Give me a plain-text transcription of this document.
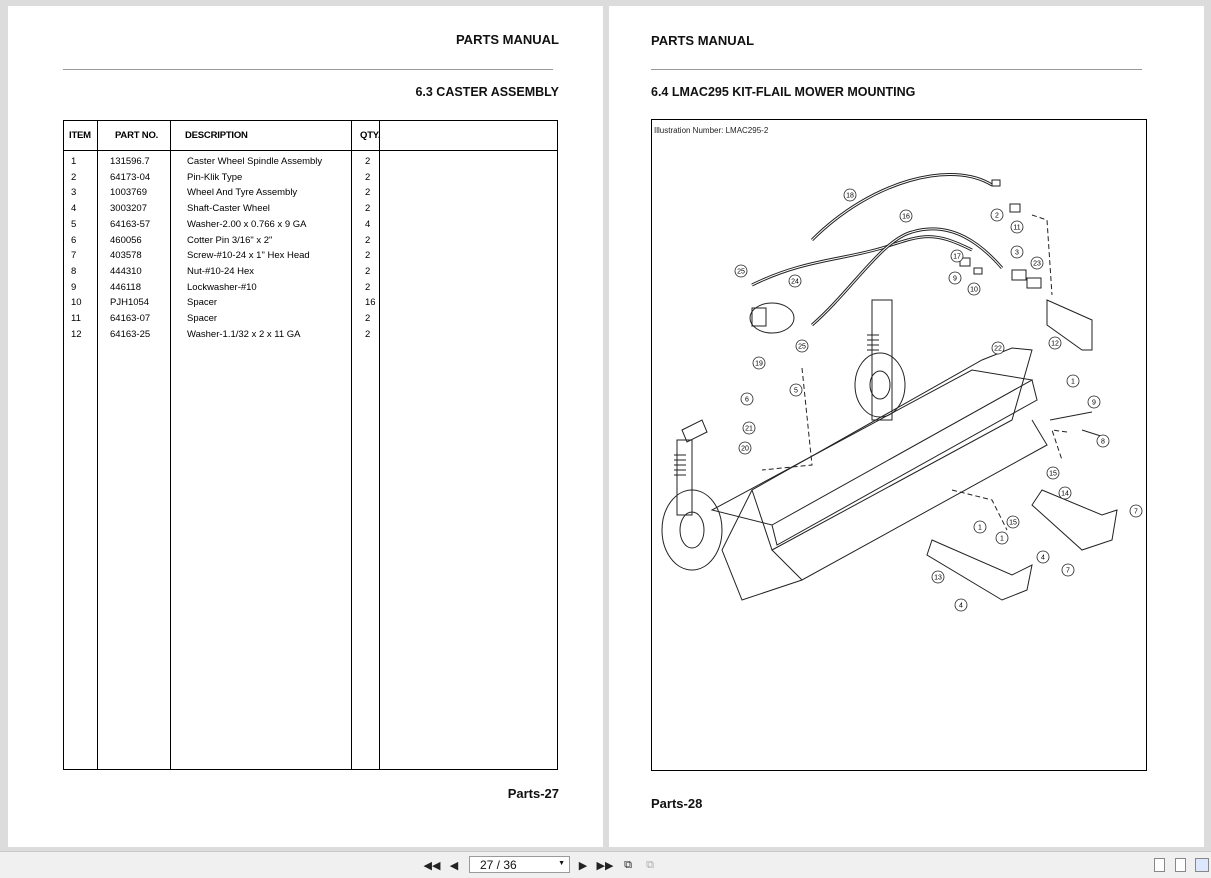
PARTS MANUAL
6.3 CASTER ASSEMBLY
ITEM	PART NO.	DESCRIPTION	QTY.
1	131596.7	Caster Wheel Spindle Assembly	2
2	64173-04	Pin-Klik Type	2
3	1003769	Wheel And Tyre Assembly	2
4	3003207	Shaft-Caster Wheel	2
5	64163-57	Washer-2.00 x 0.766 x 9 GA	4
6	460056	Cotter Pin 3/16" x 2"	2
7	403578	Screw-#10-24 x 1" Hex Head	2
8	444310	Nut-#10-24 Hex	2
9	446118	Lockwasher-#10	2
10	PJH1054	Spacer	16
11	64163-07	Spacer	2
12	64163-25	Washer-1.1/32 x 2 x 11 GA	2
Parts-27
PARTS MANUAL
6.4 LMAC295 KIT-FLAIL MOWER MOUNTING
Illustration Number: LMAC295-2
18
16	2
11
17
3
23
25
24	9
10
12
22
25
19
5
6
21
20
1
9
8
15
14
15
1
1
7
4
13
7
4
Parts-28
◀◀ ◀	27 / 36	▼	▶ ▶▶ ⧉	⧉
